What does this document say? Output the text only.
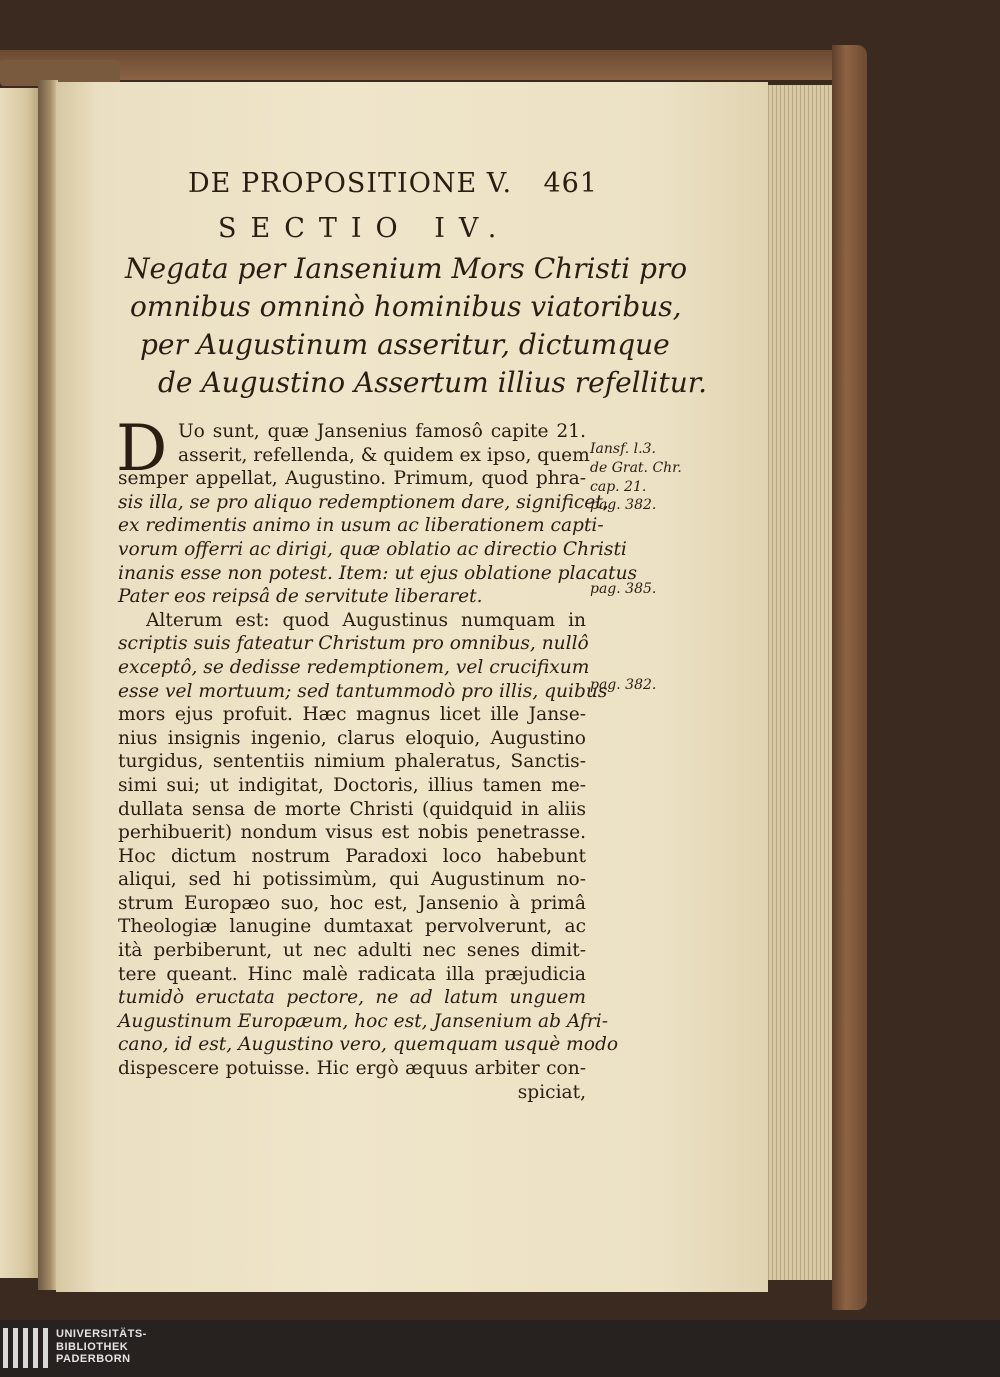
DE PROPOSITIONE V. 461
SECTIO IV.
Negata per Iansenium Mors Christi pro
omnibus omninò hominibus viatoribus,
per Augustinum asseritur, dictumque
de Augustino Assertum illius refellitur.
D Uo sunt, quæ Jansenius famosô capite 21.
asserit, refellenda, & quidem ex ipso, quem
semper appellat, Augustino. Primum, quod phra-
sis illa, se pro aliquo redemptionem dare, significet,
ex redimentis animo in usum ac liberationem capti-
vorum offerri ac dirigi, quæ oblatio ac directio Christi
inanis esse non potest. Item: ut ejus oblatione placatus
Pater eos reipsâ de servitute liberaret.
Alterum est: quod Augustinus numquam in
scriptis suis fateatur Christum pro omnibus, nullô
exceptô, se dedisse redemptionem, vel crucifixum
esse vel mortuum; sed tantummodò pro illis, quibus
mors ejus profuit. Hæc magnus licet ille Janse-
nius insignis ingenio, clarus eloquio, Augustino
turgidus, sententiis nimium phaleratus, Sanctis-
simi sui; ut indigitat, Doctoris, illius tamen me-
dullata sensa de morte Christi (quidquid in aliis
perhibuerit) nondum visus est nobis penetrasse.
Hoc dictum nostrum Paradoxi loco habebunt
aliqui, sed hi potissimùm, qui Augustinum no-
strum Europæo suo, hoc est, Jansenio à primâ
Theologiæ lanugine dumtaxat pervolverunt, ac
ità perbiberunt, ut nec adulti nec senes dimit-
tere queant. Hinc malè radicata illa præjudicia
tumidò eructata pectore, ne ad latum unguem
Augustinum Europæum, hoc est, Jansenium ab Afri-
cano, id est, Augustino vero, quemquam usquè modo
dispescere potuisse. Hic ergò æquus arbiter con-
spiciat,
Iansf. l.3.
de Grat. Chr.
cap. 21.
pag. 382.
pag. 385.
pag. 382.
UNIVERSITÄTS-
BIBLIOTHEK
PADERBORN
